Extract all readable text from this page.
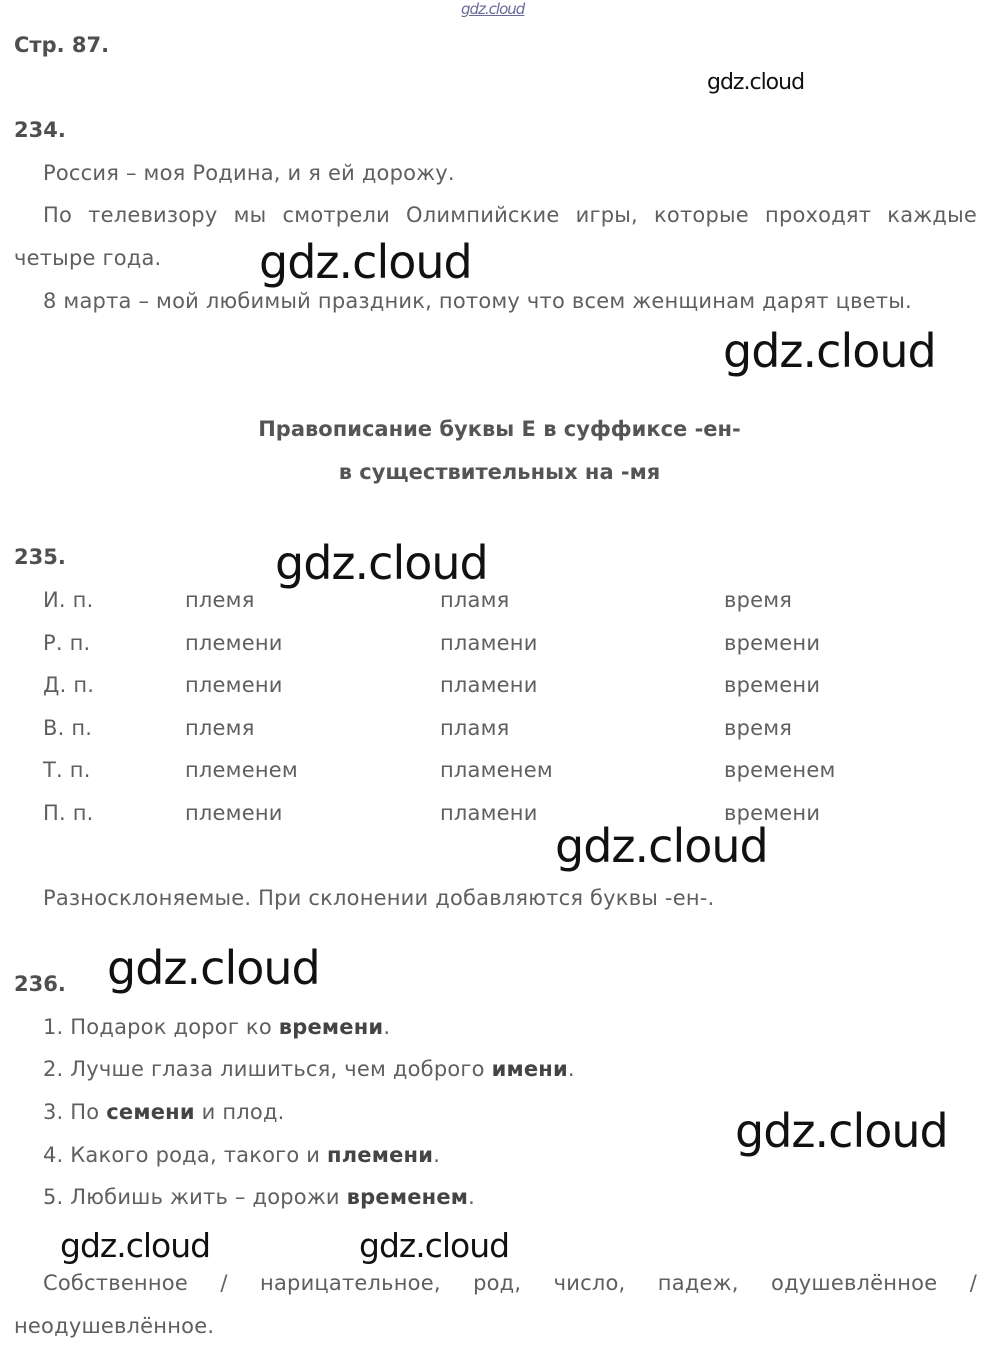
gdz.cloud
Стр. 87.
gdz.cloud
234.
Россия – моя Родина, и я ей дорожу.
По телевизору мы смотрели Олимпийские игры, которые проходят каждые
четыре года.
8 марта – мой любимый праздник, потому что всем женщинам дарят цветы.
gdz.cloud
gdz.cloud
Правописание буквы Е в суффиксе -ен-
в существительных на -мя
235.	gdz.cloud
И. п.	племя	пламя	время
Р. п.	племени	пламени	времени
Д. п.	племени	пламени	времени
В. п.	племя	пламя	время
Т. п.	племенем	пламенем	временем
П. п.	племени	пламени	времени
gdz.cloud
Разносклоняемые. При склонении добавляются буквы -ен-.
236. gdz.cloud
1. Подарок дорог ко времени.
2. Лучше глаза лишиться, чем доброго имени.
3. По семени и плод.
4. Какого рода, такого и племени.
5. Любишь жить – дорожи временем.
gdz.cloud
gdz.cloud	gdz.cloud
Собственное / нарицательное, род, число, падеж, одушевлённое /
неодушевлённое.
